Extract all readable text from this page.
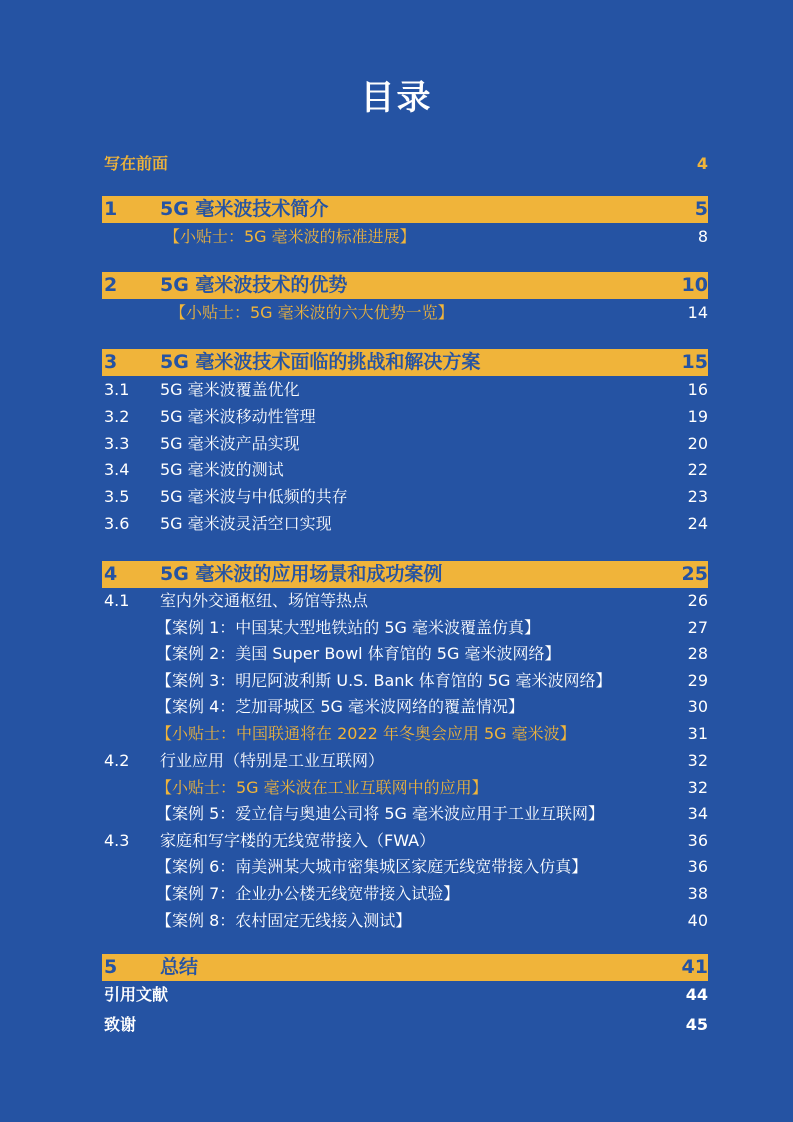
目录
写在前面	4
1 5G 毫米波技术简介	5
【小贴士：5G 毫米波的标准进展】	8
2 5G 毫米波技术的优势	10
【小贴士：5G 毫米波的六大优势一览】	14
3 5G 毫米波技术面临的挑战和解决方案	15
3.1 5G 毫米波覆盖优化	16
3.2 5G 毫米波移动性管理	19
3.3 5G 毫米波产品实现	20
3.4 5G 毫米波的测试	22
3.5 5G 毫米波与中低频的共存	23
3.6 5G 毫米波灵活空口实现	24
4 5G 毫米波的应用场景和成功案例	25
4.1 室内外交通枢纽、场馆等热点	26
【案例 1：中国某大型地铁站的 5G 毫米波覆盖仿真】	27
【案例 2：美国 Super Bowl 体育馆的 5G 毫米波网络】	28
【案例 3：明尼阿波利斯 U.S. Bank 体育馆的 5G 毫米波网络】	29
【案例 4：芝加哥城区 5G 毫米波网络的覆盖情况】	30
【小贴士：中国联通将在 2022 年冬奥会应用 5G 毫米波】	31
4.2 行业应用（特别是工业互联网）	32
【小贴士：5G 毫米波在工业互联网中的应用】	32
【案例 5：爱立信与奥迪公司将 5G 毫米波应用于工业互联网】	34
4.3 家庭和写字楼的无线宽带接入（FWA）	36
【案例 6：南美洲某大城市密集城区家庭无线宽带接入仿真】	36
【案例 7：企业办公楼无线宽带接入试验】	38
【案例 8：农村固定无线接入测试】	40
5 总结	41
引用文献	44
致谢	45
